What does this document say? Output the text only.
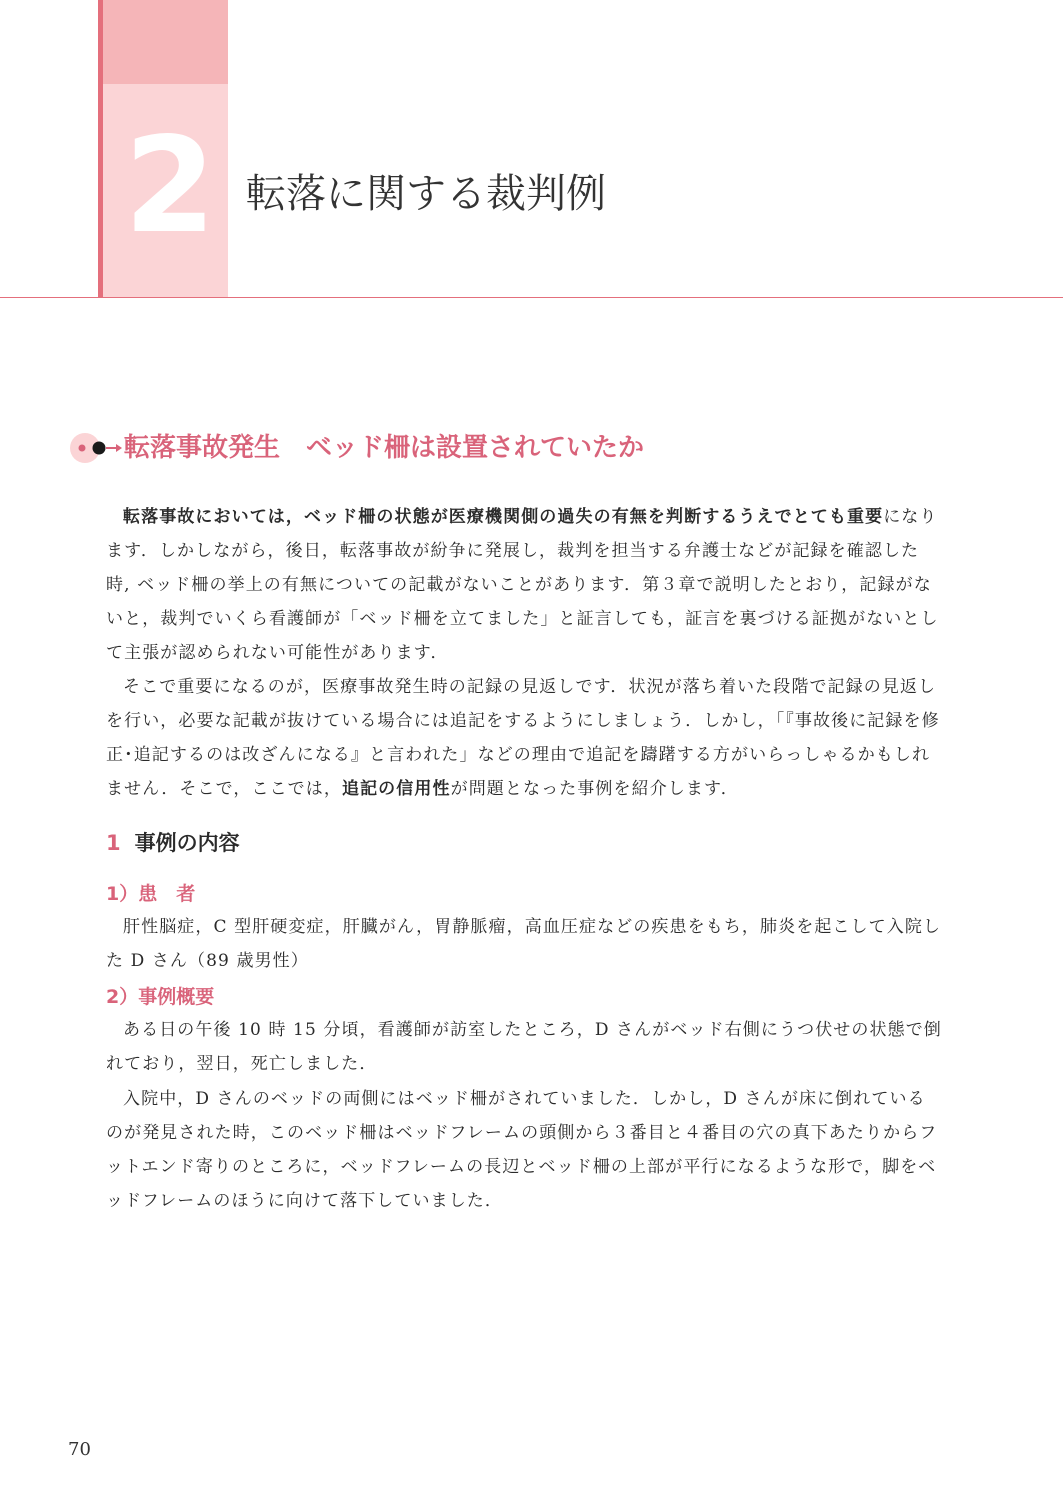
2 転落に関する裁判例
転落事故発生　ベッド柵は設置されていたか

転落事故においては，ベッド柵の状態が医療機関側の過失の有無を判断するうえでとても重要になります．しかしながら，後日，転落事故が紛争に発展し，裁判を担当する弁護士などが記録を確認した時, ベッド柵の挙上の有無についての記載がないことがあります．第３章で説明したとおり，記録がないと，裁判でいくら看護師が「ベッド柵を立てました」と証言しても，証言を裏づける証拠がないとして主張が認められない可能性があります．

そこで重要になるのが，医療事故発生時の記録の見返しです．状況が落ち着いた段階で記録の見返しを行い，必要な記載が抜けている場合には追記をするようにしましょう．しかし，「『事故後に記録を修正･追記するのは改ざんになる』と言われた」などの理由で追記を躊躇する方がいらっしゃるかもしれません．そこで，ここでは，追記の信用性が問題となった事例を紹介します．

1 事例の内容
1）患　者

肝性脳症，C 型肝硬変症，肝臓がん，胃静脈瘤，高血圧症などの疾患をもち，肺炎を起こして入院した D さん（89 歳男性）

2）事例概要

ある日の午後 10 時 15 分頃，看護師が訪室したところ，D さんがベッド右側にうつ伏せの状態で倒れており，翌日，死亡しました．

入院中，D さんのベッドの両側にはベッド柵がされていました．しかし，D さんが床に倒れているのが発見された時，このベッド柵はベッドフレームの頭側から３番目と４番目の穴の真下あたりからフットエンド寄りのところに，ベッドフレームの長辺とベッド柵の上部が平行になるような形で，脚をベッドフレームのほうに向けて落下していました．

70
